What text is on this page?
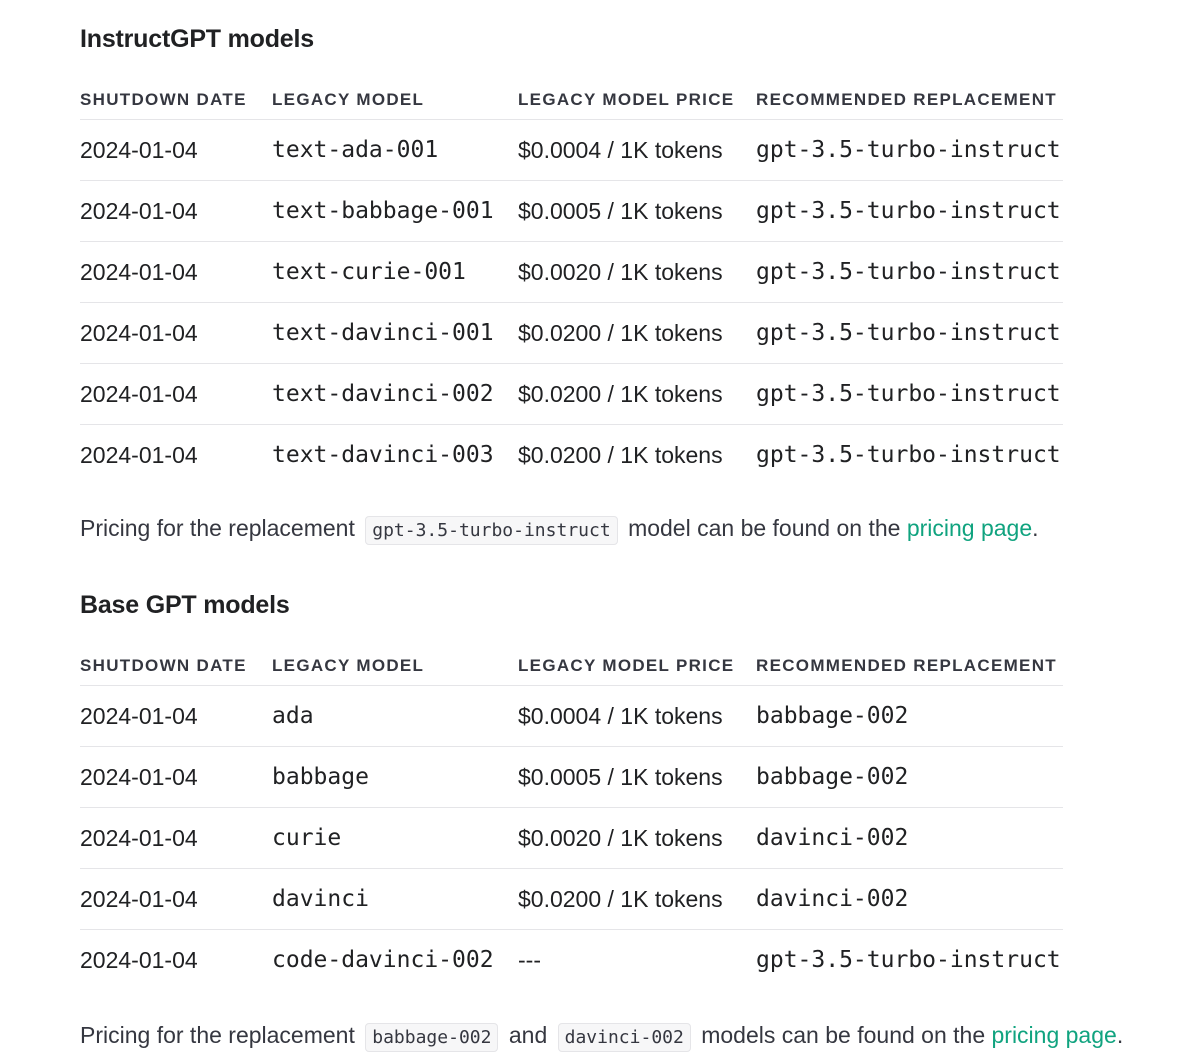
InstructGPT models
SHUTDOWN DATE	LEGACY MODEL	LEGACY MODEL PRICE	RECOMMENDED REPLACEMENT
2024-01-04	text-ada-001	$0.0004 / 1K tokens	gpt-3.5-turbo-instruct
2024-01-04	text-babbage-001	$0.0005 / 1K tokens	gpt-3.5-turbo-instruct
2024-01-04	text-curie-001	$0.0020 / 1K tokens	gpt-3.5-turbo-instruct
2024-01-04	text-davinci-001	$0.0200 / 1K tokens	gpt-3.5-turbo-instruct
2024-01-04	text-davinci-002	$0.0200 / 1K tokens	gpt-3.5-turbo-instruct
2024-01-04	text-davinci-003	$0.0200 / 1K tokens	gpt-3.5-turbo-instruct

Pricing for the replacement gpt-3.5-turbo-instruct model can be found on the pricing page.

Base GPT models
SHUTDOWN DATE	LEGACY MODEL	LEGACY MODEL PRICE	RECOMMENDED REPLACEMENT
2024-01-04	ada	$0.0004 / 1K tokens	babbage-002
2024-01-04	babbage	$0.0005 / 1K tokens	babbage-002
2024-01-04	curie	$0.0020 / 1K tokens	davinci-002
2024-01-04	davinci	$0.0200 / 1K tokens	davinci-002
2024-01-04	code-davinci-002	---	gpt-3.5-turbo-instruct

Pricing for the replacement babbage-002 and davinci-002 models can be found on the pricing page.
